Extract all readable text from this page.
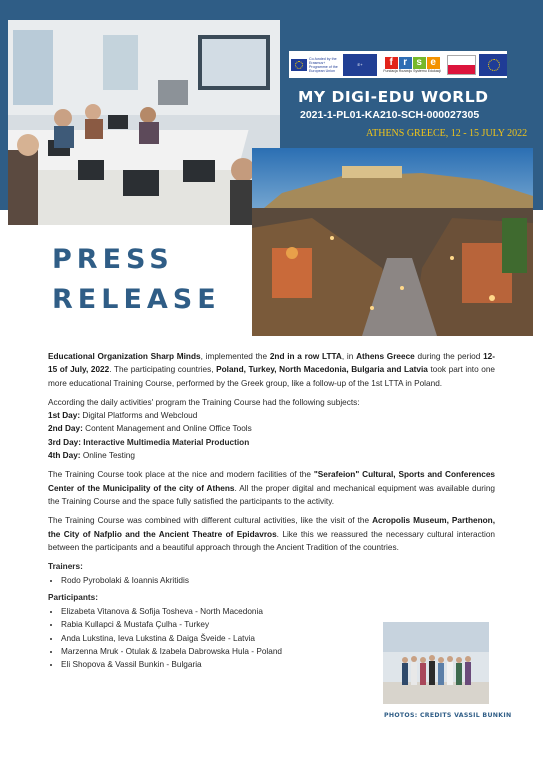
Co-funded by the Erasmus+ Programme of the European Union
E+	f	r s e
Fundacja Rozwoju Systemu Edukacji
MY DIGI-EDU WORLD

2021-1-PL01-KA210-SCH-000027305

ATHENS GREECE, 12 - 15 JULY 2022

PRESS
RELEASE

Educational Organization Sharp Minds, implemented the 2nd in a row LTTA, in Athens Greece during the period 12-15 of July, 2022. The participating countries, Poland, Turkey, North Macedonia, Bulgaria and Latvia took part into one more educational Training Course, performed by the Greek group, like a follow-up of the 1st LTTA in Poland.

According the daily activities' program the Training Course had the following subjects:
1st Day: Digital Platforms and Webcloud
2nd Day: Content Management and Online Office Tools
3rd Day: Interactive Multimedia Material Production
4th Day: Online Testing

The Training Course took place at the nice and modern facilities of the "Serafeion" Cultural, Sports and Conferences Center of the Municipality of the city of Athens. All the proper digital and mechanical equipment was available during the Training Course and the space fully satisfied the participants to the activity.

The Training Course was combined with different cultural activities, like the visit of the Acropolis Museum, Parthenon, the City of Nafplio and the Ancient Theatre of Epidavros. Like this we reassured the necessary cultural interaction between the participants and a beautiful approach through the Ancient Tradition of the countries.

Trainers:
• Rodo Pyrobolaki & Ioannis Akritidis
Participants:
• Elizabeta Vitanova & Sofija Tosheva - North Macedonia
• Rabia Kullapci & Mustafa Çulha - Turkey
• Anda Lukstina, Ieva Lukstina & Daiga Šveide - Latvia
• Marzenna Mruk - Otulak & Izabela Dabrowska Hula - Poland
• Eli Shopova & Vassil Bunkin - Bulgaria

PHOTOS: CREDITS VASSIL BUNKIN
